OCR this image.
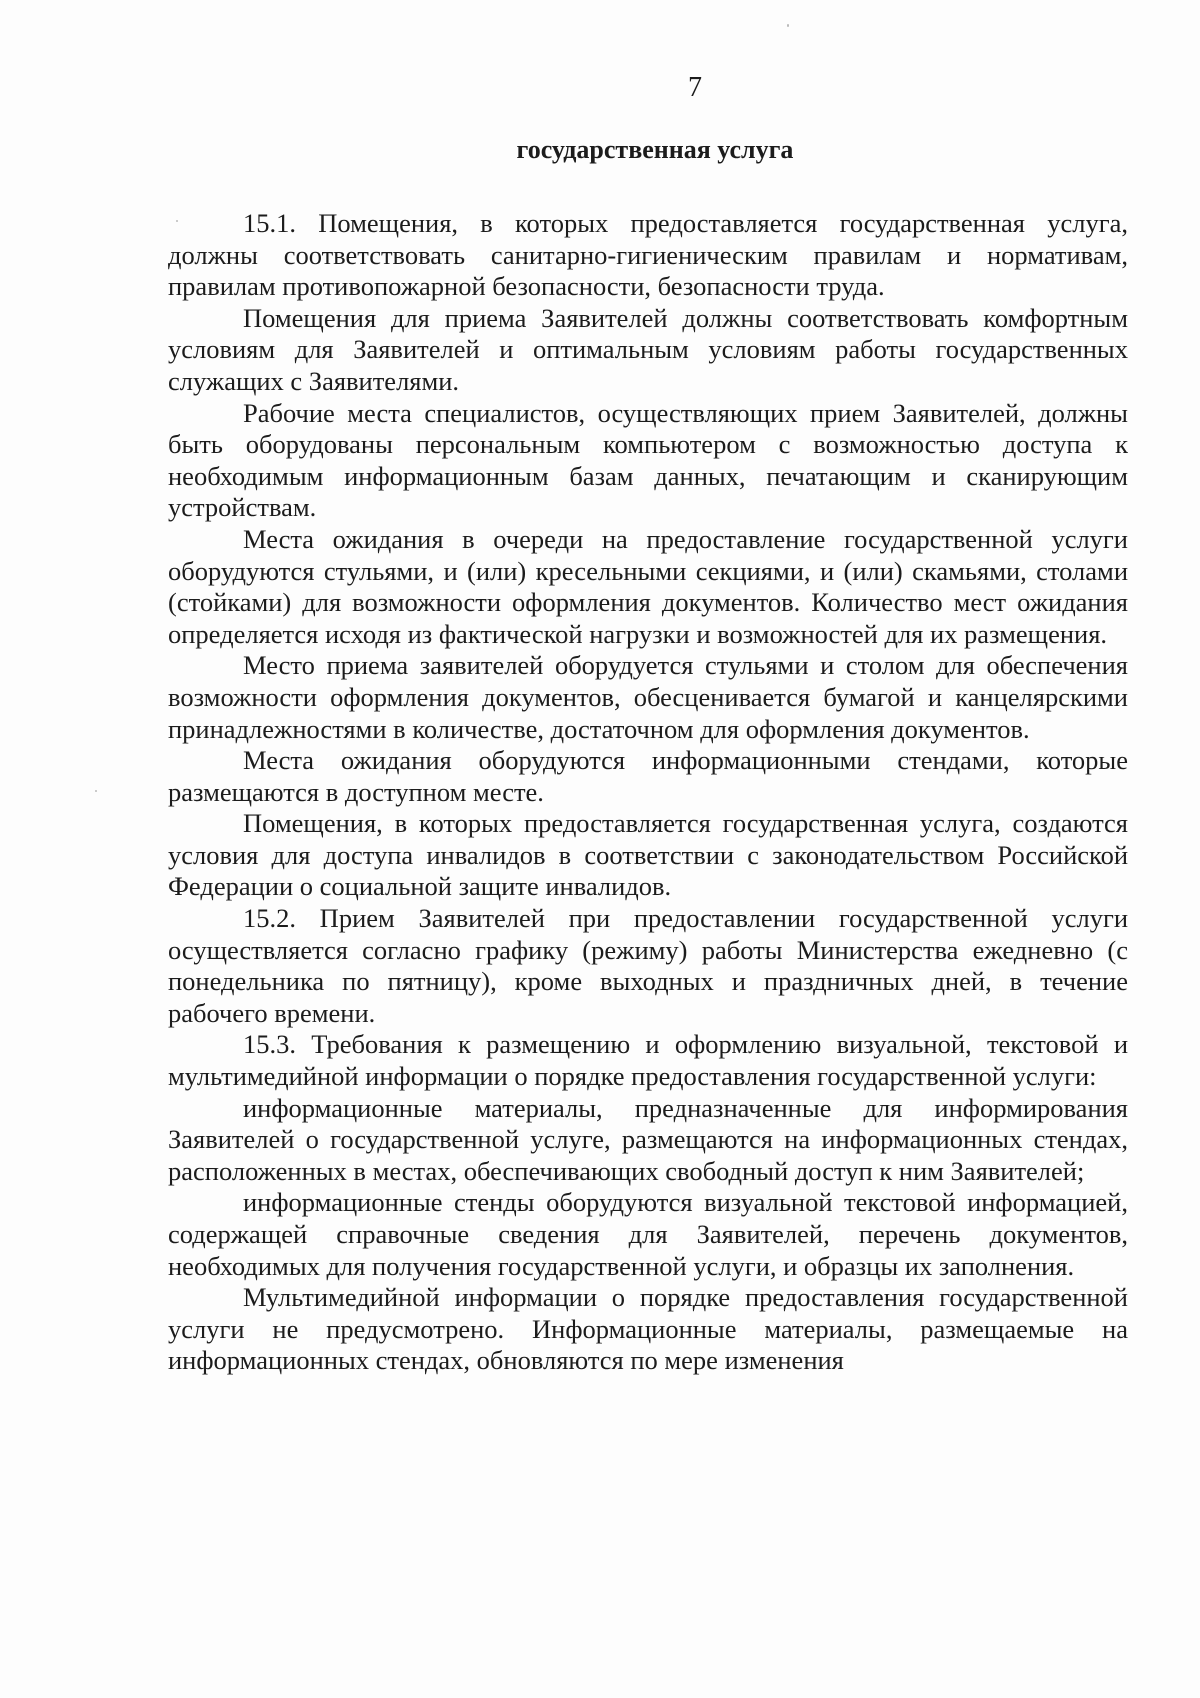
7
государственная услуга

15.1. Помещения, в которых предоставляется государственная услуга, должны соответствовать санитарно-гигиеническим правилам и нормативам, правилам противопожарной безопасности, безопасности труда.

Помещения для приема Заявителей должны соответствовать комфортным условиям для Заявителей и оптимальным условиям работы государственных служащих с Заявителями.

Рабочие места специалистов, осуществляющих прием Заявителей, должны быть оборудованы персональным компьютером с возможностью доступа к необходимым информационным базам данных, печатающим и сканирующим устройствам.

Места ожидания в очереди на предоставление государственной услуги оборудуются стульями, и (или) кресельными секциями, и (или) скамьями, столами (стойками) для возможности оформления документов. Количество мест ожидания определяется исходя из фактической нагрузки и возможностей для их размещения.

Место приема заявителей оборудуется стульями и столом для обеспечения возможности оформления документов, обесценивается бумагой и канцелярскими принадлежностями в количестве, достаточном для оформления документов.

Места ожидания оборудуются информационными стендами, которые размещаются в доступном месте.

Помещения, в которых предоставляется государственная услуга, создаются условия для доступа инвалидов в соответствии с законодательством Российской Федерации о социальной защите инвалидов.

15.2. Прием Заявителей при предоставлении государственной услуги осуществляется согласно графику (режиму) работы Министерства ежедневно (с понедельника по пятницу), кроме выходных и праздничных дней, в течение рабочего времени.

15.3. Требования к размещению и оформлению визуальной, текстовой и мультимедийной информации о порядке предоставления государственной услуги:

информационные материалы, предназначенные для информирования Заявителей о государственной услуге, размещаются на информационных стендах, расположенных в местах, обеспечивающих свободный доступ к ним Заявителей;

информационные стенды оборудуются визуальной текстовой информацией, содержащей справочные сведения для Заявителей, перечень документов, необходимых для получения государственной услуги, и образцы их заполнения.

Мультимедийной информации о порядке предоставления государственной услуги не предусмотрено. Информационные материалы, размещаемые на информационных стендах, обновляются по мере изменения
